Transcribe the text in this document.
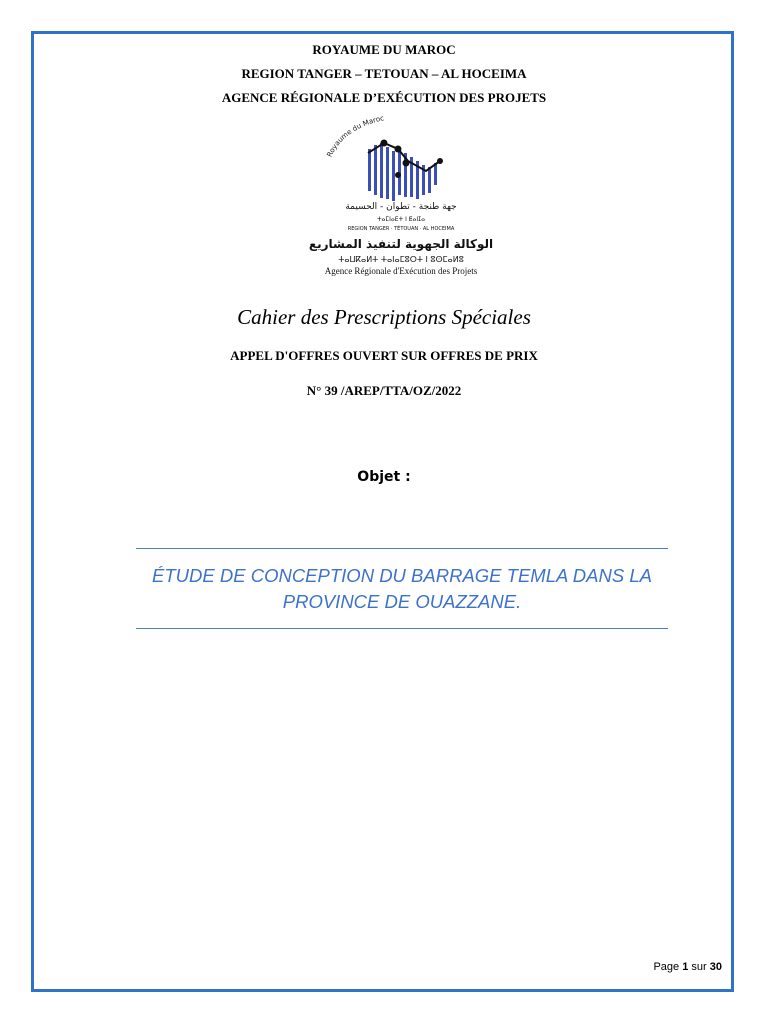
ROYAUME DU MAROC
REGION TANGER – TETOUAN – AL HOCEIMA
AGENCE RÉGIONALE D’EXÉCUTION DES PROJETS
Royaume du Maroc
جهة طنجة - تطوان - الحسيمة
ⵜⴰⵎⵏⴰⴹⵜ ⵏ ⵟⴰⵏⵊⴰ
REGION TANGER · TÉTOUAN · AL HOCEIMA
الوكالة الجهوية لتنفيذ المشاريع
ⵜⴰⵡⴽⴰⵍⵜ ⵜⴰⵏⴰⵎⵓⵔⵜ ⵏ ⵓⵙⵎⴰⵍⵓ
Agence Régionale d'Exécution des Projets
Cahier des Prescriptions Spéciales
APPEL D'OFFRES OUVERT SUR OFFRES DE PRIX
N° 39 /AREP/TTA/OZ/2022
Objet :
ÉTUDE DE CONCEPTION DU BARRAGE TEMLA DANS LA
PROVINCE DE OUAZZANE.
Page 1 sur 30
